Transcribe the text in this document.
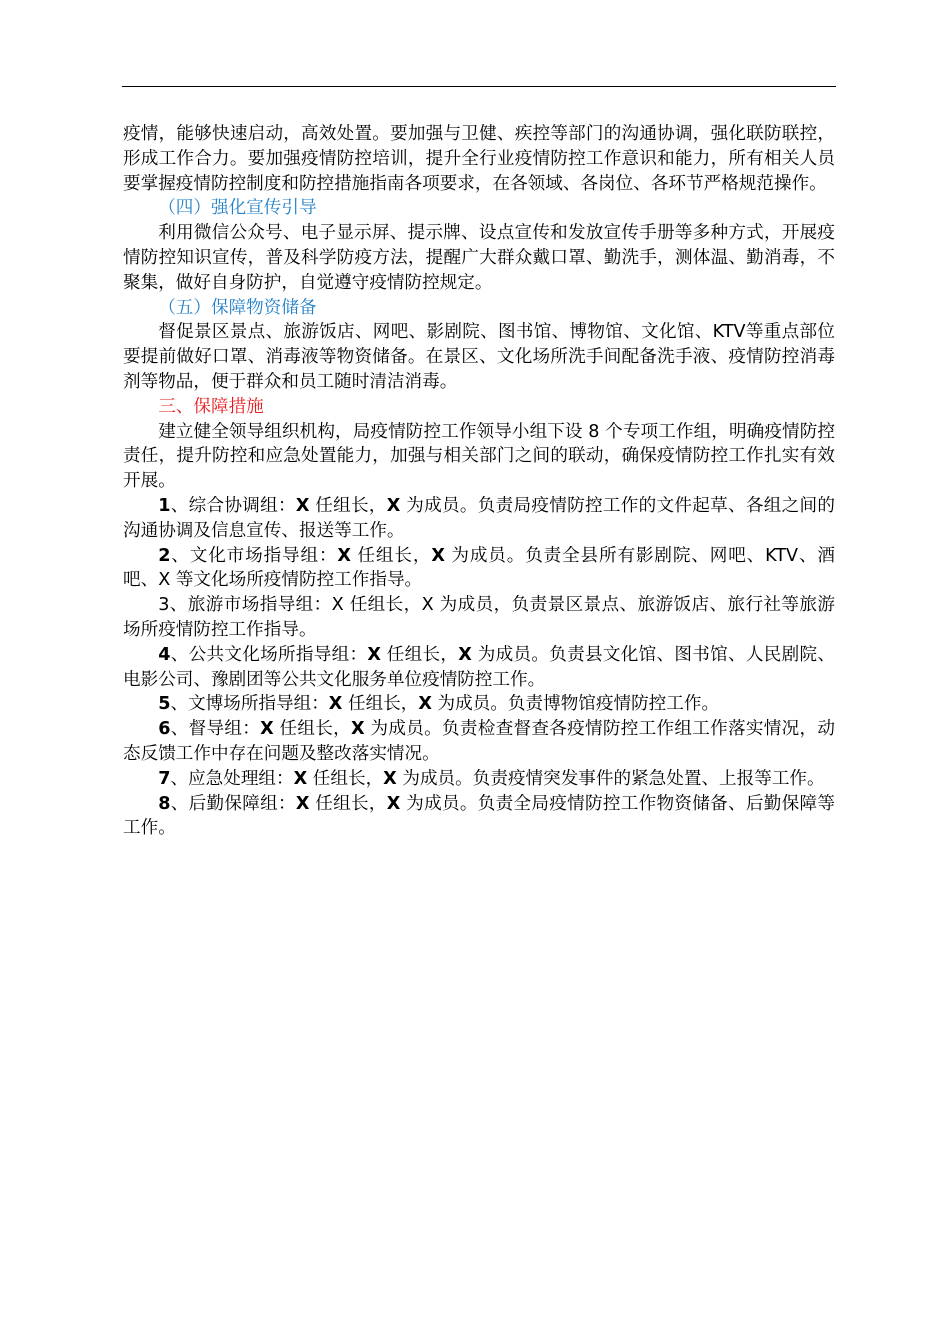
疫情，能够快速启动，高效处置。要加强与卫健、疾控等部门的沟通协调，强化联防联控，形成工作合力。要加强疫情防控培训，提升全行业疫情防控工作意识和能力，所有相关人员要掌握疫情防控制度和防控措施指南各项要求，在各领域、各岗位、各环节严格规范操作。

（四）强化宣传引导

利用微信公众号、电子显示屏、提示牌、设点宣传和发放宣传手册等多种方式，开展疫情防控知识宣传，普及科学防疫方法，提醒广大群众戴口罩、勤洗手，测体温、勤消毒，不聚集，做好自身防护，自觉遵守疫情防控规定。

（五）保障物资储备

督促景区景点、旅游饭店、网吧、影剧院、图书馆、博物馆、文化馆、KTV等重点部位要提前做好口罩、消毒液等物资储备。在景区、文化场所洗手间配备洗手液、疫情防控消毒剂等物品，便于群众和员工随时清洁消毒。

三、保障措施

建立健全领导组织机构，局疫情防控工作领导小组下设 8 个专项工作组，明确疫情防控责任，提升防控和应急处置能力，加强与相关部门之间的联动，确保疫情防控工作扎实有效开展。

1、综合协调组：X 任组长，X 为成员。负责局疫情防控工作的文件起草、各组之间的沟通协调及信息宣传、报送等工作。

2、文化市场指导组：X 任组长，X 为成员。负责全县所有影剧院、网吧、KTV、酒吧、X 等文化场所疫情防控工作指导。

3、旅游市场指导组：X 任组长，X 为成员，负责景区景点、旅游饭店、旅行社等旅游场所疫情防控工作指导。

4、公共文化场所指导组：X 任组长，X 为成员。负责县文化馆、图书馆、人民剧院、电影公司、豫剧团等公共文化服务单位疫情防控工作。

5、文博场所指导组：X 任组长，X 为成员。负责博物馆疫情防控工作。

6、督导组：X 任组长，X 为成员。负责检查督查各疫情防控工作组工作落实情况，动态反馈工作中存在问题及整改落实情况。

7、应急处理组：X 任组长，X 为成员。负责疫情突发事件的紧急处置、上报等工作。

8、后勤保障组：X 任组长，X 为成员。负责全局疫情防控工作物资储备、后勤保障等工作。
